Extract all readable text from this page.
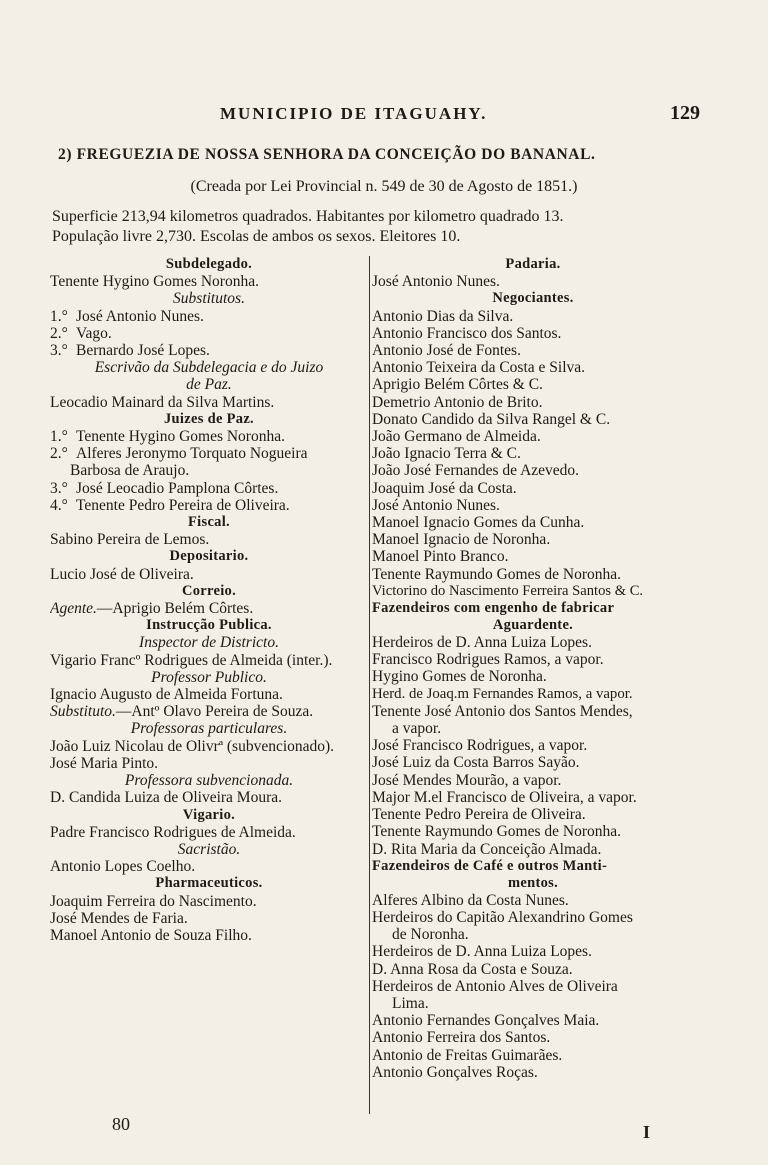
MUNICIPIO DE ITAGUAHY.	129
2) FREGUEZIA DE NOSSA SENHORA DA CONCEIÇÃO DO BANANAL.
(Creada por Lei Provincial n. 549 de 30 de Agosto de 1851.)
Superficie 213,94 kilometros quadrados. Habitantes por kilometro quadrado 13.
População livre 2,730. Escolas de ambos os sexos. Eleitores 10.
Subdelegado.
Tenente Hygino Gomes Noronha.
Substitutos.
1.° José Antonio Nunes.
2.° Vago.
3.° Bernardo José Lopes.
Escrivão da Subdelegacia e do Juizo
de Paz.
Leocadio Mainard da Silva Martins.
Juizes de Paz.
1.° Tenente Hygino Gomes Noronha.
2.° Alferes Jeronymo Torquato Nogueira
Barbosa de Araujo.
3.° José Leocadio Pamplona Côrtes.
4.° Tenente Pedro Pereira de Oliveira.
Fiscal.
Sabino Pereira de Lemos.
Depositario.
Lucio José de Oliveira.
Correio.
Agente.—Aprigio Belém Côrtes.
Instrucção Publica.
Inspector de Districto.
Vigario Francº Rodrigues de Almeida (inter.).
Professor Publico.
Ignacio Augusto de Almeida Fortuna.
Substituto.—Antº Olavo Pereira de Souza.
Professoras particulares.
João Luiz Nicolau de Olivrª (subvencionado).
José Maria Pinto.
Professora subvencionada.
D. Candida Luiza de Oliveira Moura.
Vigario.
Padre Francisco Rodrigues de Almeida.
Sacristão.
Antonio Lopes Coelho.
Pharmaceuticos.
Joaquim Ferreira do Nascimento.
José Mendes de Faria.
Manoel Antonio de Souza Filho.
Padaria.
José Antonio Nunes.
Negociantes.
Antonio Dias da Silva.
Antonio Francisco dos Santos.
Antonio José de Fontes.
Antonio Teixeira da Costa e Silva.
Aprigio Belém Côrtes & C.
Demetrio Antonio de Brito.
Donato Candido da Silva Rangel & C.
João Germano de Almeida.
João Ignacio Terra & C.
João José Fernandes de Azevedo.
Joaquim José da Costa.
José Antonio Nunes.
Manoel Ignacio Gomes da Cunha.
Manoel Ignacio de Noronha.
Manoel Pinto Branco.
Tenente Raymundo Gomes de Noronha.
Victorino do Nascimento Ferreira Santos & C.
Fazendeiros com engenho de fabricar
Aguardente.
Herdeiros de D. Anna Luiza Lopes.
Francisco Rodrigues Ramos, a vapor.
Hygino Gomes de Noronha.
Herd. de Joaq.m Fernandes Ramos, a vapor.
Tenente José Antonio dos Santos Mendes,
a vapor.
José Francisco Rodrigues, a vapor.
José Luiz da Costa Barros Sayão.
José Mendes Mourão, a vapor.
Major M.el Francisco de Oliveira, a vapor.
Tenente Pedro Pereira de Oliveira.
Tenente Raymundo Gomes de Noronha.
D. Rita Maria da Conceição Almada.
Fazendeiros de Café e outros Manti-
mentos.
Alferes Albino da Costa Nunes.
Herdeiros do Capitão Alexandrino Gomes
de Noronha.
Herdeiros de D. Anna Luiza Lopes.
D. Anna Rosa da Costa e Souza.
Herdeiros de Antonio Alves de Oliveira
Lima.
Antonio Fernandes Gonçalves Maia.
Antonio Ferreira dos Santos.
Antonio de Freitas Guimarães.
Antonio Gonçalves Roças.
80	I
